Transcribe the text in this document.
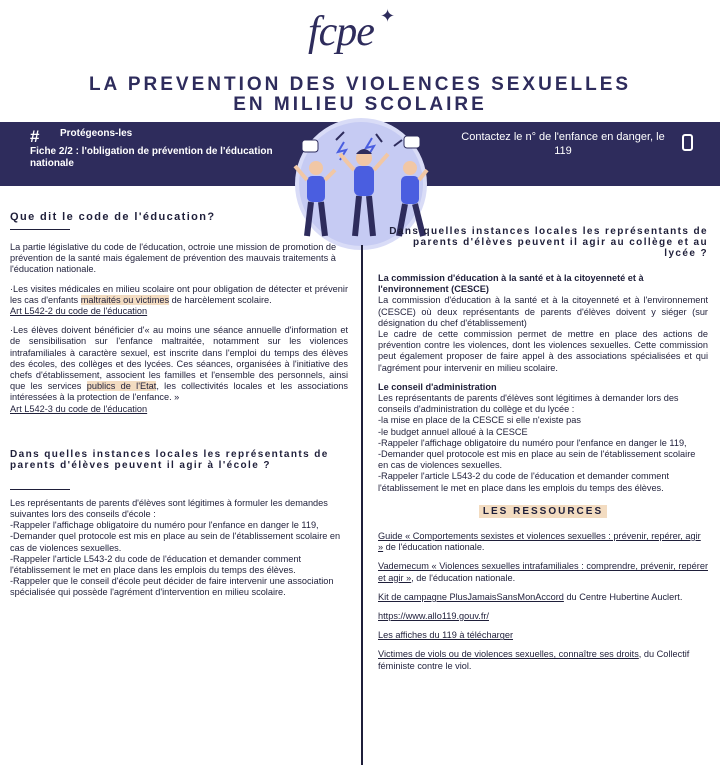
fcpe ✦
LA PREVENTION DES VIOLENCES SEXUELLES
EN MILIEU SCOLAIRE
# Protégeons-les
Fiche 2/2 : l'obligation de prévention de l'éducation nationale
Contactez le n° de l'enfance en danger, le 119
Que dit le code de l'éducation?
La partie législative du code de l'éducation, octroie une mission de promotion de prévention de la santé mais également de prévention des mauvais traitements à l'éducation nationale.
·Les visites médicales en milieu scolaire ont pour obligation de détecter et prévenir les cas d'enfants maltraités ou victimes de harcèlement scolaire.
Art L542-2 du code de l'éducation
·Les élèves doivent bénéficier d'« au moins une séance annuelle d'information et de sensibilisation sur l'enfance maltraitée, notamment sur les violences intrafamiliales à caractère sexuel, est inscrite dans l'emploi du temps des élèves des écoles, des collèges et des lycées. Ces séances, organisées à l'initiative des chefs d'établissement, associent les familles et l'ensemble des personnels, ainsi que les services publics de l'Etat, les collectivités locales et les associations intéressées à la protection de l'enfance. »
Art L542-3 du code de l'éducation
Dans quelles instances locales les représentants de parents d'élèves peuvent il agir à l'école ?
Les représentants de parents d'élèves sont légitimes à formuler les demandes suivantes lors des conseils d'école :
-Rappeler l'affichage obligatoire du numéro pour l'enfance en danger le 119,
-Demander quel protocole est mis en place au sein de l'établissement scolaire en cas de violences sexuelles.
-Rappeler l'article L543-2 du code de l'éducation et demander comment l'établissement le met en place dans les emplois du temps des élèves.
-Rappeler que le conseil d'école peut décider de faire intervenir une association spécialisée qui possède l'agrément d'intervention en milieu scolaire.
Dans quelles instances locales les représentants de parents d'élèves peuvent il agir au collège et au lycée ?
La commission d'éducation à la santé et à la citoyenneté et à l'environnement (CESCE)
La commission d'éducation à la santé et à la citoyenneté et à l'environnement (CESCE) où deux représentants de parents d'élèves doivent y siéger (sur désignation du chef d'établissement)
Le cadre de cette commission permet de mettre en place des actions de prévention contre les violences, dont les violences sexuelles. Cette commission peut également proposer de faire appel à des associations spécialisées et qui l'agrément pour intervenir en milieu scolaire.
Le conseil d'administration
Les représentants de parents d'élèves sont légitimes à demander lors des conseils d'administration du collège et du lycée :
-la mise en place de la CESCE si elle n'existe pas
-le budget annuel alloué à la CESCE
-Rappeler l'affichage obligatoire du numéro pour l'enfance en danger le 119,
-Demander quel protocole est mis en place au sein de l'établissement scolaire en cas de violences sexuelles.
-Rappeler l'article L543-2 du code de l'éducation et demander comment l'établissement le met en place dans les emplois du temps des élèves.
LES RESSOURCES
Guide « Comportements sexistes et violences sexuelles : prévenir, repérer, agir » de l'éducation nationale.
Vademecum « Violences sexuelles intrafamiliales : comprendre, prévenir, repérer et agir », de l'éducation nationale.
Kit de campagne PlusJamaisSansMonAccord du Centre Hubertine Auclert.
https://www.allo119.gouv.fr/
Les affiches du 119 à télécharger
Victimes de viols ou de violences sexuelles, connaître ses droits, du Collectif féministe contre le viol.
